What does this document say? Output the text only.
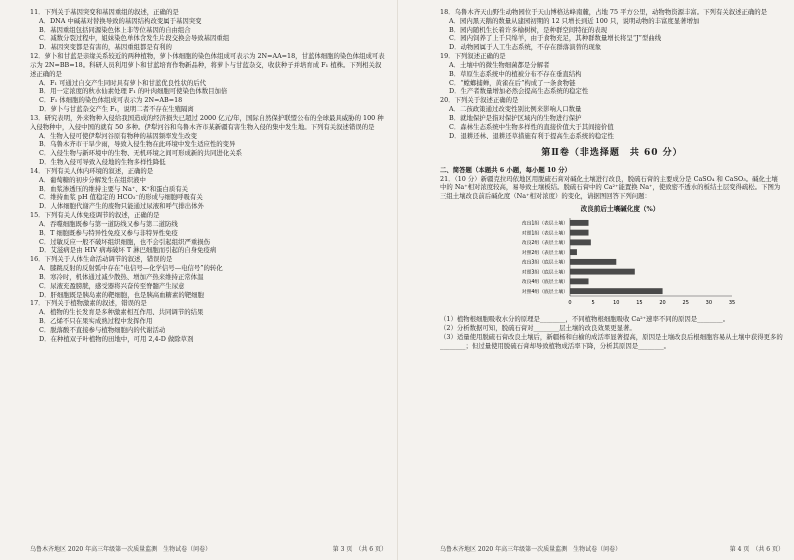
11．下列关于基因突变和基因重组的叙述，正确的是

A．DNA 中碱基对替换导致的基因结构改变属于基因突变

B．基因重组包括同源染色体上非等位基因的自由组合

C．减数分裂过程中，姐妹染色单体含发生片段交换会导致基因重组

D．基因突变都是有害的，基因重组都是有利的

12．萝卜和甘蓝是亲缘关系较近的两种植物，萝卜体细胞的染色体组成可表示为 2N=AA=18，甘蓝体细胞的染色体组成可表示为 2N=BB=18。科研人员利用萝卜和甘蓝培育作物新品种，将萝卜与甘蓝杂交，收获种子并培育成 F₁ 植株。下列相关叙述正确的是

A．F₁ 可通过自交产生同时具有萝卜和甘蓝优良性状的后代

B．用一定浓度的秋水仙素处理 F₁ 的叶肉细胞可使染色体数目加倍

C．F₁ 体细胞的染色体组成可表示为 2N=AB=18

D．萝卜与甘蓝杂交产生 F₁，说明二者不存在生殖隔离

13．研究表明，外来物种入侵给我国造成的经济损失已超过 2000 亿元/年，国际自然保护联盟公布的全球最具威胁的 100 种入侵物种中，入侵中国的就有 50 多种。伊犁河谷和乌鲁木齐市某新疆有害生物入侵的集中发生地。下列有关叙述错误的是

A．生物入侵可使伊犁河谷原有物种的基因频率发生改变

B．乌鲁木齐市干旱少雨，导致入侵生物在此环境中发生适应性的变异

C．入侵生物与新环境中的生物、无机环境之间可形成新的共同进化关系

D．生物入侵可导致入侵地的生物多样性降低

14．下列有关人体内环境的叙述，正确的是

A．葡萄糖的初步分解发生在组织液中

B．血浆渗透压的维持主要与 Na⁺、K⁺和蛋白质有关

C．维持血浆 pH 值稳定的 HCO₃⁻的形成与细胞呼吸有关

D．人体细胞代谢产生的废物只能通过尿液和呼气排出体外

15．下列有关人体免疫调节的叙述，正确的是

A．吞噬细胞既参与第一道防线又参与第二道防线

B．T 细胞既参与特异性免疫又参与非特异性免疫

C．过敏反应一般不破坏组织细胞，也不会引起组织严重损伤

D．艾滋病是由 HIV 病毒破坏 T 淋巴细胞而引起的自身免疫病

16．下列关于人体生命活动调节的叙述，错误的是

A．膝跳反射的反射弧中存在“电信号—化学信号—电信号”的转化

B．寒冷时，机体通过减少散热、增加产热来维持正常体温

C．尿液充盈膀胱，感受器将兴奋传至脊髓产生尿意

D．肝细胞既是胰岛素的靶细胞，也是胰高血糖素的靶细胞

17．下列关于植物激素的叙述，错误的是

A．植物的生长发育是多种激素相互作用、共同调节的结果

B．乙烯不只在果实成熟过程中发挥作用

C．脱落酸不直接参与植物细胞内的代谢活动

D．在种植双子叶植物的田地中，可用 2,4-D 做除草剂

乌鲁木齐地区 2020 年高三年级第一次质量监测　生物试卷（问卷）	第 3 页　（共 6 页）

18．乌鲁木齐天山野生动物园位于天山博格达峰南麓，占地 75 平方公里，动物物资源丰富。下列有关叙述正确的是

A．园内黑天鹅的数量从建园初期的 12 只增长到近 100 只，说明动物的丰富度显著增加

B．园内随机生长着许多榆树树，是种群空间特征的表现

C．园内饲养了上千只绵羊，由于食物充足，其种群数量增长将呈“J”型曲线

D．动物园属于人工生态系统，不存在群落演替的现象

19．下列叙述正确的是

A．土壤中的微生物细菌都是分解者

B．草原生态系统中的植被分布不存在垂直结构

C．“螳螂捕蝉，黄雀在后”构成了一条食物链

D．生产者数量增加必然会提高生态系统的稳定性

20．下列关于叙述正确的是

A．二孩政策通过改变性别比例来影响人口数量

B．就地保护是指对保护区域内的生物进行保护

C．森林生态系统中生物多样性的直接价值大于其间接价值

D．退耕还林、退耕还草措施有利于提高生态系统的稳定性

第Ⅱ卷（非选择题　共 60 分）
二、简答题（本题共 6 小题，每小题 10 分）

21．（10 分）新疆克拉玛依地区用脱硫石膏对碱化土壤进行改良，脱硫石膏的主要成分是 CaSO₄ 和 CaSO₃。碱化土壤中的 Na⁺相对浓度较高，易导致土壤板结。脱硫石膏中的 Ca²⁺能置换 Na⁺，使致密不透水的板结土层变得疏松。下图为三组土壤改良前后碱化度（Na⁺相对浓度）的变化，请据图回答下列问题：

改良前后土壤碱化度（%）
0	5	10	15	20	25	30	35
改良1组（表层土壤）
对照1组（表层土壤）
改良2组（表层土壤）
对照2组（表层土壤）
改良3组（底层土壤）
对照3组（底层土壤）
改良4组（底层土壤）
对照4组（底层土壤）

（1）植物根细胞吸收水分的原理是________，不同植物根细胞吸收 Ca²⁺速率不同的原因是________。

（2）分析数据可知，脱硫石膏对________层土壤的改良效果更显著。

（3）适量使用脱硫石膏改良土壤后，新疆杨和白榆的成活率显著提高，原因是土壤改良后根细胞容易从土壤中获得更多的________；但过量使用脱硫石膏却导致植物成活率下降，分析其原因是________。

乌鲁木齐地区 2020 年高三年级第一次质量监测　生物试卷（问卷）	第 4 页　（共 6 页）
